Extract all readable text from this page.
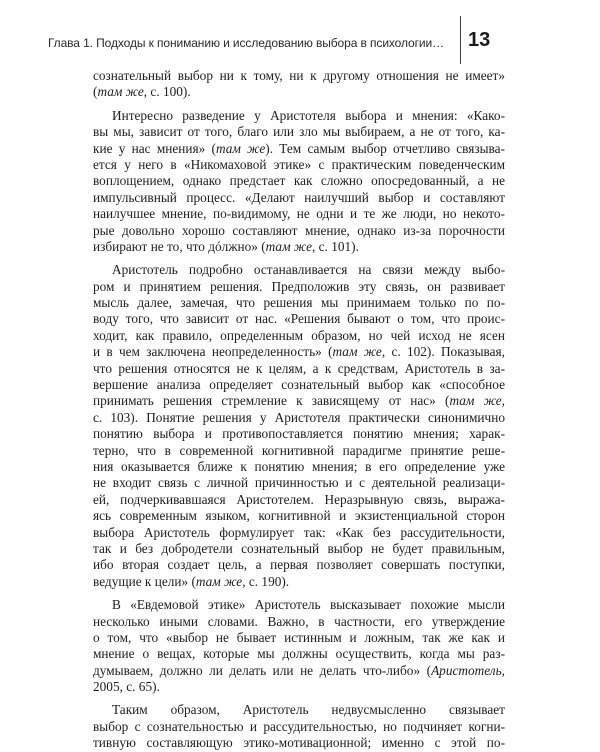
Глава 1. Подходы к пониманию и исследованию выбора в психологии… 13
сознательный выбор ни к тому, ни к другому отношения не имеет»
(там же, с. 100).
Интересно разведение у Аристотеля выбора и мнения: «Како-
вы мы, зависит от того, благо или зло мы выбираем, а не от того, ка-
кие у нас мнения» (там же). Тем самым выбор отчетливо связыва-
ется у него в «Никомаховой этике» с практическим поведенческим
воплощением, однако предстает как сложно опосредованный, а не
импульсивный процесс. «Делают наилучший выбор и составляют
наилучшее мнение, по-видимому, не одни и те же люди, но некото-
рые довольно хорошо составляют мнение, однако из-за порочности
избирают не то, что дóлжно» (там же, с. 101).
Аристотель подробно останавливается на связи между выбо-
ром и принятием решения. Предположив эту связь, он развивает
мысль далее, замечая, что решения мы принимаем только по по-
воду того, что зависит от нас. «Решения бывают о том, что проис-
ходит, как правило, определенным образом, но чей исход не ясен
и в чем заключена неопределенность» (там же, с. 102). Показывая,
что решения относятся не к целям, а к средствам, Аристотель в за-
вершение анализа определяет сознательный выбор как «способное
принимать решения стремление к зависящему от нас» (там же,
с. 103). Понятие решения у Аристотеля практически синонимично
понятию выбора и противопоставляется понятию мнения; харак-
терно, что в современной когнитивной парадигме принятие реше-
ния оказывается ближе к понятию мнения; в его определение уже
не входит связь с личной причинностью и с деятельной реализаци-
ей, подчеркивавшаяся Аристотелем. Неразрывную связь, выража-
ясь современным языком, когнитивной и экзистенциальной сторон
выбора Аристотель формулирует так: «Как без рассудительности,
так и без добродетели сознательный выбор не будет правильным,
ибо вторая создает цель, а первая позволяет совершать поступки,
ведущие к цели» (там же, с. 190).
В «Евдемовой этике» Аристотель высказывает похожие мысли
несколько иными словами. Важно, в частности, его утверждение
о том, что «выбор не бывает истинным и ложным, так же как и
мнение о вещах, которые мы должны осуществить, когда мы раз-
думываем, должно ли делать или не делать что-либо» (Аристотель,
2005, с. 65).
Таким образом, Аристотель недвусмысленно связывает
выбор с сознательностью и рассудительностью, но подчиняет когни-
тивную составляющую этико-мотивационной; именно с этой по-
